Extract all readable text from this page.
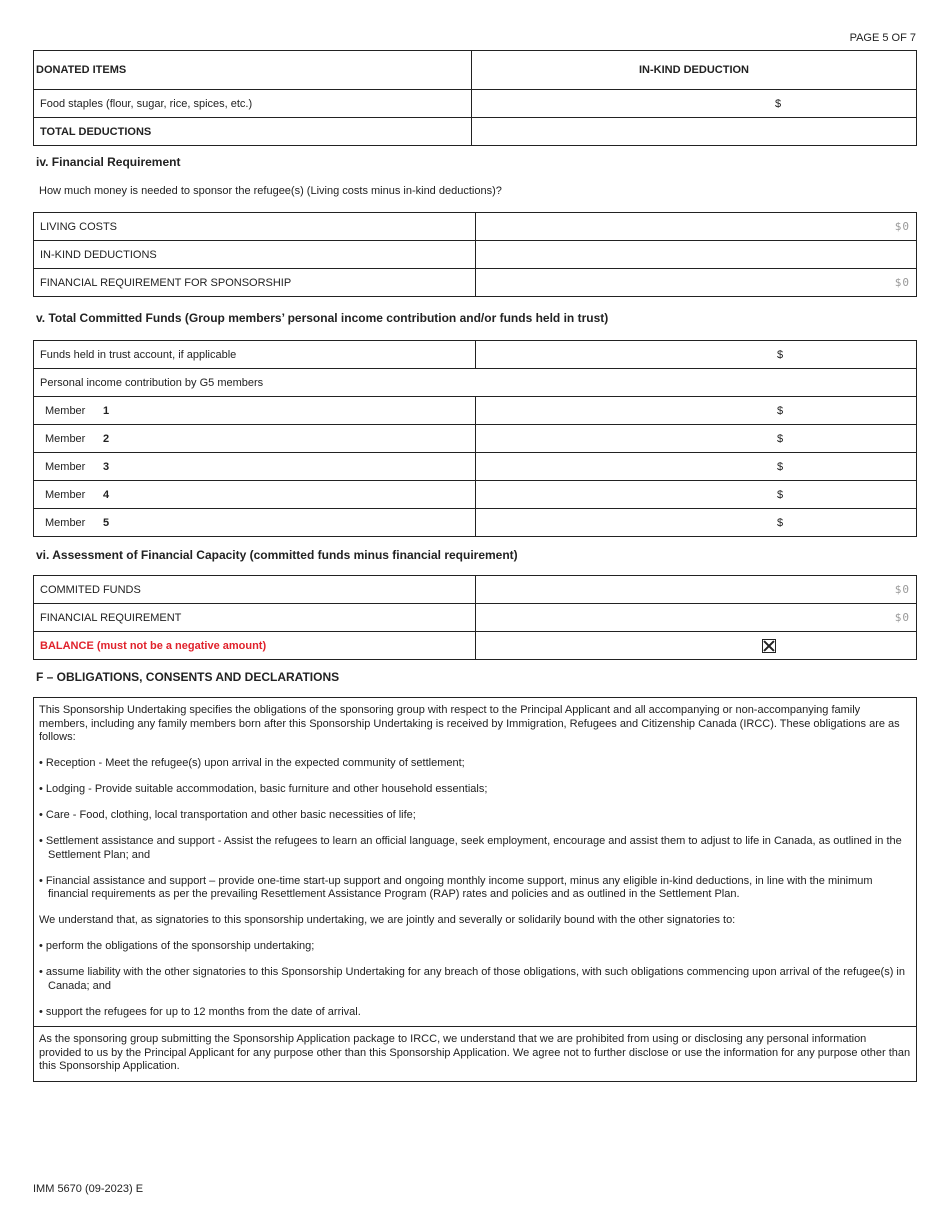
PAGE 5 OF 7
DONATED ITEMS	IN-KIND DEDUCTION
Food staples (flour, sugar, rice, spices, etc.)	$

TOTAL DEDUCTIONS	
iv. Financial Requirement
How much money is needed to sponsor the refugee(s) (Living costs minus in-kind deductions)?
LIVING COSTS	$0
IN-KIND DEDUCTIONS	
FINANCIAL REQUIREMENT FOR SPONSORSHIP	$0
v. Total Committed Funds (Group members’ personal income contribution and/or funds held in trust)
Funds held in trust account, if applicable	$

Personal income contribution by G5 members	
Member 1	$

Member 2	$

Member 3	$

Member 4	$

Member 5	$
vi. Assessment of Financial Capacity (committed funds minus financial requirement)
COMMITED FUNDS	$0
FINANCIAL REQUIREMENT	$0
BALANCE (must not be a negative amount)	
F – OBLIGATIONS, CONSENTS AND DECLARATIONS

This Sponsorship Undertaking specifies the obligations of the sponsoring group with respect to the Principal Applicant and all accompanying or non-accompanying family members, including any family members born after this Sponsorship Undertaking is received by Immigration, Refugees and Citizenship Canada (IRCC). These obligations are as follows:

• Reception - Meet the refugee(s) upon arrival in the expected community of settlement;

• Lodging - Provide suitable accommodation, basic furniture and other household essentials;

• Care - Food, clothing, local transportation and other basic necessities of life;

• Settlement assistance and support - Assist the refugees to learn an official language, seek employment, encourage and assist them to adjust to life in Canada, as outlined in the Settlement Plan; and

• Financial assistance and support – provide one-time start-up support and ongoing monthly income support, minus any eligible in-kind deductions, in line with the minimum financial requirements as per the prevailing Resettlement Assistance Program (RAP) rates and policies and as outlined in the Settlement Plan.

We understand that, as signatories to this sponsorship undertaking, we are jointly and severally or solidarily bound with the other signatories to:

• perform the obligations of the sponsorship undertaking;

• assume liability with the other signatories to this Sponsorship Undertaking for any breach of those obligations, with such obligations commencing upon arrival of the refugee(s) in Canada; and

• support the refugees for up to 12 months from the date of arrival.

As the sponsoring group submitting the Sponsorship Application package to IRCC, we understand that we are prohibited from using or disclosing any personal information provided to us by the Principal Applicant for any purpose other than this Sponsorship Application. We agree not to further disclose or use the information for any purpose other than this Sponsorship Application.

IMM 5670 (09-2023) E
